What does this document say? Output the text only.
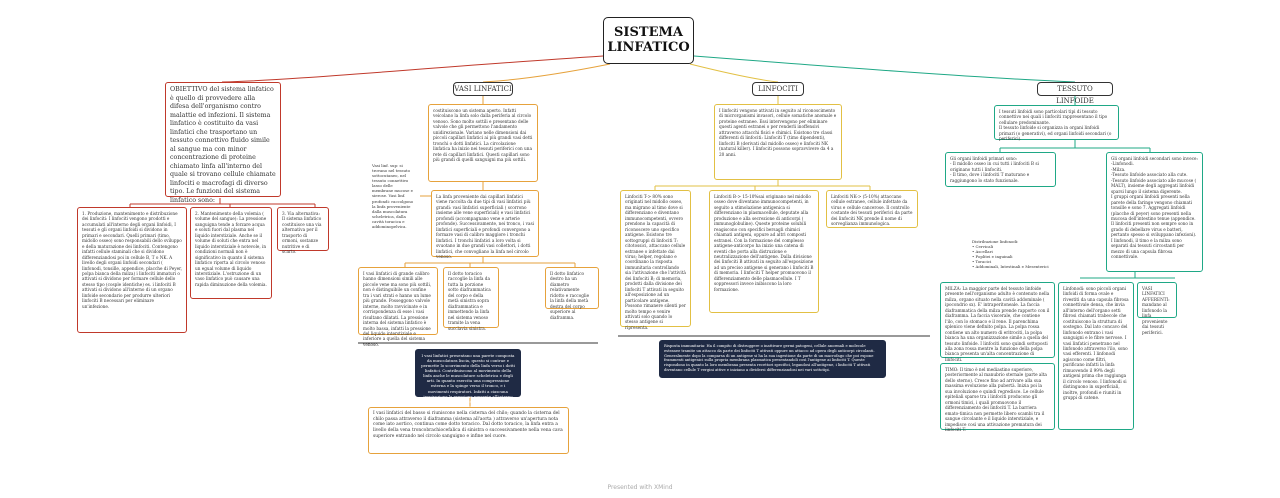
SISTEMA
LINFATICO
OBIETTIVO del sistema linfatico è quello di provvedere alla difesa dell'organismo contro malattie ed infezioni. Il sistema linfatico è costituito da vasi linfatici che trasportano un tessuto connettivo fluido simile al sangue ma con minor concentrazione di proteine chiamato linfa all'interno del quale si trovano cellule chiamate linfociti e macrofagi di diverso tipo. Le funzioni del sistema linfatico sono:
1. Produzione, mantenimento e distribuzione dei linfociti: I linfociti vengono prodotti e accumulati all'interno degli organi linfoidi, I tessuti e gli organi linfoidi si dividono in primari e secondari. Quelli primari (timo, midollo osseo) sono responsabili dello sviluppo e della maturazione dei linfociti. Contengono infatti cellule staminali che si dividono differenziandosi poi in cellule B, T o NK. A livello degli organi linfoidi secondari ( linfonodi, tonsille, appendice, placche di Peyer, polpa bianca della milza) i linfociti immaturi o attivati si dividono per formare cellule dello stesso tipo (cosple identiche) es. i linfociti B attivati si dividono all'interno di un organo linfoide secondario per produrre ulteriori linfociti B necessari per eliminare un'infezione.
2. Mantenimento della volemia ( volume del sangue): La pressione sanguigna tende a forzare acqua e soluti fuori dal plasma nel liquido interstiziale. Anche se il volume di soluti che entra nel liquido interstiziale è notevole, in condizioni normali non è significativo in quanto il sistema linfatico riporta al circolo venoso un egual volume di liquido interstiziale. L'ostruzione di un vaso linfatico può causare una rapida diminuzione della volemia.
3. Via alternativa: Il sistema linfatico costituisce una via alternativa per il trasporto di ormoni, sostanze nutritive e di scarto.
VASI LINFATICI
costituiscono un sistema aperto. Infatti veicolano la linfa solo dalla periferia al circolo venoso. Sono molto sottili e presentano delle valvole che gli permettono l'andamento unidirezionale. Variano nelle dimensioni dai piccoli capillari linfatici ai più grandi vasi detti tronchi o dotti linfatici. La circolazione linfatica ha inizio nei tessuti periferici con una rete di capillari linfatici. Questi capillari sono più grandi di quelli sanguigni ma più sottili.
Vasi linf. sup: si trovano nel tessuto sottocutaneo, nel tessuto connettivo lasso delle membrane mucose e sierose. Vasi linf. profondi: raccolgono la linfa proveniente dalla muscolatura scheletrica, dalla cavità toracica e addominopelvica.
La linfa proveniente dai capillari linfatici viene raccolta da due tipi di vasi linfatici più grandi: vasi linfatici superficiali ( scorrono insieme alle vene superficiali) e vasi linfatici profondi (accompagnano vene e arterie profonde). Successivamente, nei tronco, i vasi linfatici superficiali e profondi convergono a formare vasi di calibro maggiore i tronchi linfatici. I tronchi linfatici a loro volta si svuotano in due grandi vasi collettori, i dotti linfatici, che convogliano la linfa nel circolo venoso.
I vasi linfatici di grande calibro hanno dimensioni simili alle piccole vene ma sono più sottili, non è distinguibile un confine tra i vari strati e hanno un lume più grande. Posseggono valvole interne, molto ravvicinate e in corrispondenza di esse i vasi risultano dilatati. La pressione interna del sistema linfatico è molto bassa, infatti la pressione del liquido interstiziale e inferiore a quella del sistema venoso.
Il dotto toracico raccoglie la linfa da tutta la porzione sotto diaframmatica del corpo e della metà sinistra sopra diaframmatica e immettendo la linfa nel sistema venoso tramite la vena succlavia sinistra.
Il dotto linfatico destro ha un diametro relativamente ridotto e raccoglie la linfa della metà destra del corpo superiore al diaframma.
I vasi linfatici presentano una parete composta da muscolatura liscia, questo si contrae e permette lo scorrimento della linfa verso i dotti linfatici. Contribuiscono al movimento della linfa anche le muscolature scheletrica e degli arti. In quanto esercita una compressione esterna e la spinge verso il tronco, e i movimenti respiratori. Infatti a ciascuna inspirazione la pressione presente all'interno della cavità toracica scende e la linfa viene
I vasi linfatici del basso si riuniscono nella cisterna del chilo; quando la cisterna del chilo passa attraverso il diaframma (sistema all'aorta ) attraverso un'apertura nota come iato aortico, continua come dotto toracico. Dal dotto toracico, la linfa entra a livello della vena troncobrachiocefalica di sinistra o successivamente nella vena cava superiore entrando nel circolo sanguigno e infine nel cuore.
LINFOCITI
I linfociti vengono attivati in seguito al riconoscimento di microrganismi invasori, cellule somatiche anomale e proteine estranee. Essi intervengono per eliminare questi agenti estranei o per renderli inoffensivi attraverso attacchi fisici e chimici. Esistono tre classi differenti di linfociti: Linfociti T (timo dipendenti), linfociti B (derivati dal midollo osseo) e linfociti NK (natural killer). I linfociti possono sopravvivere da 4 a 20 anni.
Linfociti T-> 80% sono originati nel midollo osseo, ma migrano al timo dove si differenziano e diventano immunocompetenti, ovvero prendono la capacità di riconoscere uno specifico antigene. Esistono tre sottogruppi di linfociti T: citotossici, attaccano cellule estranee o infettate dai virus; helper, regolano e coordinano la risposta immunitaria controllando sia l'attivazione che l'attività dei linfociti B; di memoria, prodotti dalla divisione dei linfociti T attivati in seguito all'esposizione ad un particolare antigene. Possono rimanere silenti per molto tempo e venire attivati solo quando lo stesso antigene si ripresenta.
Linfociti B-> 15-10%sai originano nel midollo osseo dove diventano immunocompetenti, in seguito a stimolazione antigenica si differenziano in plasmacellule, deputate alla produzione e alla secrezione di anticorpi ( immunoglobuline). Queste proteine solubili reagiscono con specifici bersagli chimici chiamati antigeni, oppure ad altri composti estranei. Con la formazione del complesso antigene-anticorpo ha inizio una catena di eventi che porta alla distruzione e neutralizzazione dell'antigene. Dalla divisione dei linfociti B attivati in seguito all'esposizione ad un preciso antigene si generano i linfociti B di memoria. I linfociti T helper promuovono il differenziamento delle plasmacellule. I T soppressori invece inibiscono la loro formazione.
Linfociti NK-> (5-10%) attaccano cellule estranee, cellule infettate da virus e cellule cancerose. Il controllo costante dei tessuti periferici da parte dei linfociti NK prende il nome di sorveglianza immunologica.
Risposta immunitaria: Ha il compito di distruggere o inattivare germi patogeni, cellule anormali e molecole estranee tramite un attacco da parte dei linfociti T attivati oppure un attacco ad opera degli anticorpi circolanti. Generalmente dopo la comparsa di un antigene si ha la sua ingestione da parte di un macrofago che poi espone frammenti antigenici sulla propria membrana plasmatica presentandoli così l'antigene ai linfociti T. Queste rispondono in quanto la loro membrana presenta recettori specifici, legandosi all'antigene, i linfociti T attivati diventano cellule T vergini attive e iniziano a dividersi differenziandosi nei vari sottotipi.
TESSUTO LINFOIDE
I tessuti linfoidi sono particolari tipi di tessuto connettivo nei quali i linfociti rappresentano il tipo cellulare predominante.
Il tessuto linfoide si organizza in organi linfoidi primari (o generativi), ed organi linfoidi secondari (o periferici).
Gli organi linfoidi primari sono:
- Il midollo osseo in cui tutti i linfociti B si originano tutti i linfociti.
- Il timo, dove i linfociti T maturano e raggiungono lo stato funzionale.
Gli organi linfoidi secondari sono invece:
-Linfonodi.
-Milza.
-Tessuto linfoide associato alla cute.
-Tessuto linfoide associato alle mucose ( MALT), insieme degli aggregati linfoidi sparsi lungo il sistema digerente.
I gruppi organi linfoidi presenti nella parete della faringe vengono chiamati tonsille e sono 7. Aggregati linfoidi (placche di peyer) sono presenti nella mucosa dell'intestino tenue (appendice. Il linfociti presenti non sempre sono in grado di debellare virus e batteri, pertanto spesso si sviluppano infezioni).
I linfonodi, il timo e la milza sono separati dai tessuti circostanti per mezzo di una capsula fibrosa connettivale.
Distribuzione linfonodi:
• Cervicali
• Ascellari
• Poplitei e inguinali
• Toracici
• Addominali, Intestinali e Mesenterici
MILZA: La maggior parte del tessuto linfoide presente nell'organismo adulto è contenuto nella milza, organo situato nella cavità addominale ( ipocondrio sx). E' intraperitoneale. La faccia diaframmatica della milza prende rapporto con il diaframma. La faccia viscerale, che contiene l'ilo, con lo stomaco e il rene. Il parenchima splenico viene definito polpa. La polpa rossa contiene un alto numero di eritrociti, la polpa bianca ha una organizzazione simile a quella del tessuto linfoide. I linfociti sono quindi sottoposti alla zona rossa mentre la funzione della polpa bianca presenta un'alta concentrazione di linfociti.
TIMO: Il timo è nel mediastino superiore, posteriormente al manubrio sternale (parte alta dello sterno). Cresce fino ad arrivare alla sua massima evoluzione alla pubertà. Inizia poi la sua involuzione e quindi regredisce. Le cellule epiteliali sparse tra i linfociti producono gli ormoni timici, i quali promuovono il differenziamento dei linfociti T. La barriera emato-timica non permette libero scambi tra il sangue circolante e il liquido interstiziale, e impedisce così una attivazione prematura dei linfociti T.
Linfonodi: sono piccoli organi linfoidi di forma ovale e rivestiti da una capsula fibrosa connettivale densa, che invia all'interno dell'organo setti fibrosi chiamati trabecole che costituiscono la struttura di sostegno. Dal lato concavo del linfonodo entrano i vasi sanguigni e le fibre nervose. I vasi linfatici penetrano nel linfonodo attraverso l'ilo, sono vasi efferenti. I linfonodi agiscono come filtri, purificano infatti la linfa rimuovendo il 99% degli antigeni prima che raggiunga il circolo venoso. I linfonodi si distinguono in superficiali, inoltre, profondi e riuniti in gruppi di catene.
VASI LINFATICI AFFERENTI: mandano al linfonodo la linfa proveniente dai tessuti periferici.
Presented with XMind
